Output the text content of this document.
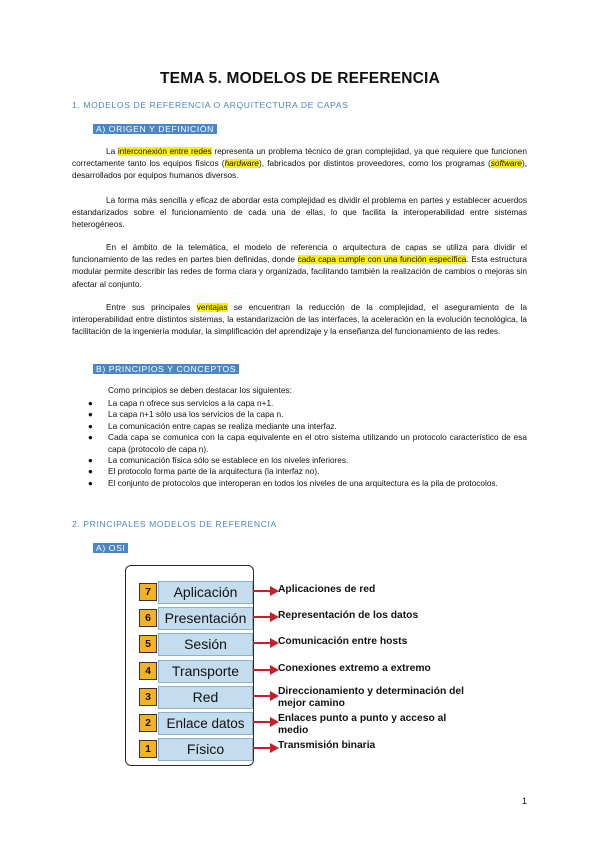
TEMA 5. MODELOS DE REFERENCIA
1. MODELOS DE REFERENCIA O ARQUITECTURA DE CAPAS
A) ORIGEN Y DEFINICIÓN

La interconexión entre redes representa un problema técnico de gran complejidad, ya que requiere que funcionen correctamente tanto los equipos físicos (hardware), fabricados por distintos proveedores, como los programas (software), desarrollados por equipos humanos diversos.

La forma más sencilla y eficaz de abordar esta complejidad es dividir el problema en partes y establecer acuerdos estandarizados sobre el funcionamiento de cada una de ellas, lo que facilita la interoperabilidad entre sistemas heterogéneos.

En el ámbito de la telemática, el modelo de referencia o arquitectura de capas se utiliza para dividir el funcionamiento de las redes en partes bien definidas, donde cada capa cumple con una función específica. Esta estructura modular permite describir las redes de forma clara y organizada, facilitando también la realización de cambios o mejoras sin afectar al conjunto.

Entre sus principales ventajas se encuentran la reducción de la complejidad, el aseguramiento de la interoperabilidad entre distintos sistemas, la estandarización de las interfaces, la aceleración en la evolución tecnológica, la facilitación de la ingeniería modular, la simplificación del aprendizaje y la enseñanza del funcionamiento de las redes.

B) PRINCIPIOS Y CONCEPTOS
Como principios se deben destacar los siguientes:
● La capa n ofrece sus servicios a la capa n+1.
● La capa n+1 sólo usa los servicios de la capa n.
● La comunicación entre capas se realiza mediante una interfaz.
● Cada capa se comunica con la capa equivalente en el otro sistema utilizando un protocolo característico de esa capa (protocolo de capa n).
● La comunicación física sólo se establece en los niveles inferiores.
● El protocolo forma parte de la arquitectura (la interfaz no).
● El conjunto de protocolos que interoperan en todos los niveles de una arquitectura es la pila de protocolos.
2. PRINCIPALES MODELOS DE REFERENCIA
A) OSI
7	Aplicación	Aplicaciones de red
6 Presentación	Representación de los datos
5	Sesión	Comunicación entre hosts
4	Transporte	Conexiones extremo a extremo
3	Red	Direccionamiento y determinación del mejor camino
2	Enlace datos	Enlaces punto a punto y acceso al medio
1	Físico	Transmisión binaria
1
